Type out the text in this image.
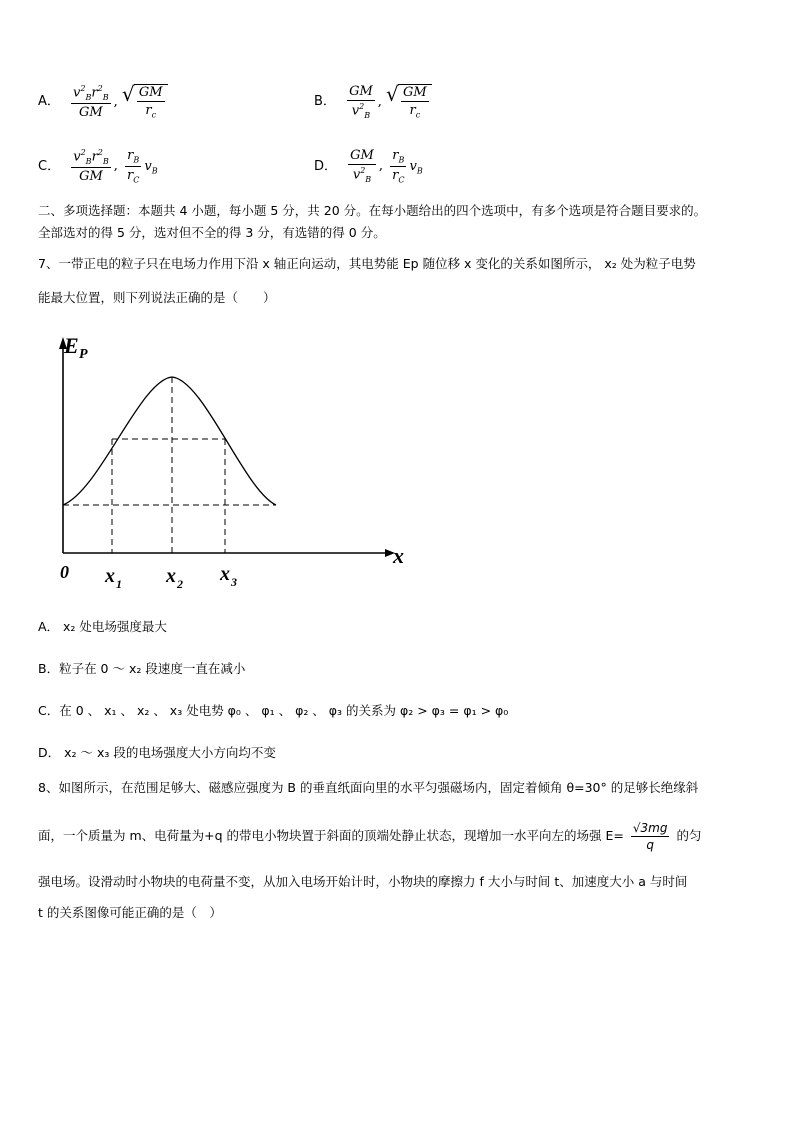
A． $\frac{v^2_Br^2_B}{GM}$ , √ $\frac{GM}{r_c}$	B． $\frac{GM}{v^2_B}$ , √ $\frac{GM}{r_c}$
C． $\frac{v^2_Br^2_B}{GM}$ , $\frac{r_B}{r_C} v_B$	D． $\frac{GM}{v^2_B}$ , $\frac{r_B}{r_C} v_B$
二、多项选择题：本题共 4 小题，每小题 5 分，共 20 分。在每小题给出的四个选项中，有多个选项是符合题目要求的。
全部选对的得 5 分，选对但不全的得 3 分，有选错的得 0 分。
7、一带正电的粒子只在电场力作用下沿 x 轴正向运动，其电势能 Ep 随位移 x 变化的关系如图所示， x₂ 处为粒子电势
能最大位置，则下列说法正确的是（　　）
E P
x
0 x 1 x 2 x 3
A． x₂ 处电场强度最大
B．粒子在 0 ～ x₂ 段速度一直在减小
C．在 0 、 x₁ 、 x₂ 、 x₃ 处电势 φ₀ 、 φ₁ 、 φ₂ 、 φ₃ 的关系为 φ₂ > φ₃ = φ₁ > φ₀
D． x₂ ～ x₃ 段的电场强度大小方向均不变
8、如图所示，在范围足够大、磁感应强度为 B 的垂直纸面向里的水平匀强磁场内，固定着倾角 θ=30° 的足够长绝缘斜
面，一个质量为 m、电荷量为+q 的带电小物块置于斜面的顶端处静止状态，现增加一水平向左的场强 $E= \frac{√3mg}{q}$ 的匀
强电场。设滑动时小物块的电荷量不变，从加入电场开始计时，小物块的摩擦力 f 大小与时间 t、加速度大小 a 与时间
t 的关系图像可能正确的是（　）
